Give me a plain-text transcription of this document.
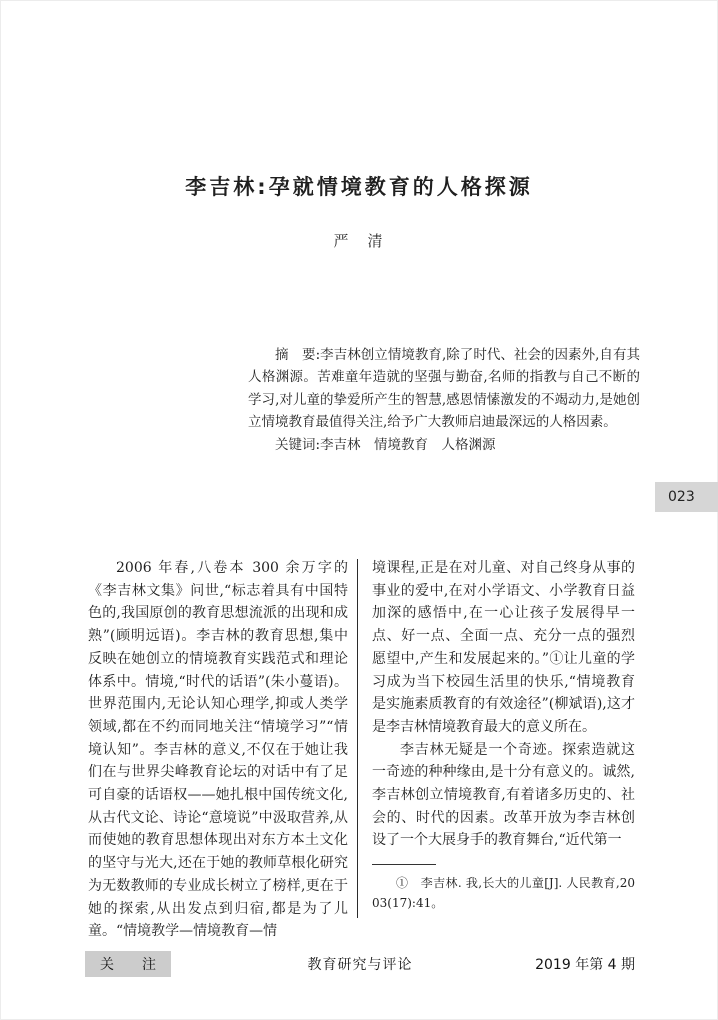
李吉林:孕就情境教育的人格探源
严　清

摘　要:李吉林创立情境教育,除了时代、社会的因素外,自有其人格渊源。苦难童年造就的坚强与勤奋,名师的指教与自己不断的学习,对儿童的挚爱所产生的智慧,感恩情愫激发的不竭动力,是她创立情境教育最值得关注,给予广大教师启迪最深远的人格因素。

关键词:李吉林　情境教育　人格渊源

023

2006 年春,八卷本 300 余万字的《李吉林文集》问世,“标志着具有中国特色的,我国原创的教育思想流派的出现和成熟”(顾明远语)。李吉林的教育思想,集中反映在她创立的情境教育实践范式和理论体系中。情境,“时代的话语”(朱小蔓语)。世界范围内,无论认知心理学,抑或人类学领域,都在不约而同地关注“情境学习”“情境认知”。李吉林的意义,不仅在于她让我们在与世界尖峰教育论坛的对话中有了足可自豪的话语权——她扎根中国传统文化,从古代文论、诗论“意境说”中汲取营养,从而使她的教育思想体现出对东方本土文化的坚守与光大,还在于她的教师草根化研究为无数教师的专业成长树立了榜样,更在于她的探索,从出发点到归宿,都是为了儿童。“情境教学—情境教育—情

境课程,正是在对儿童、对自己终身从事的事业的爱中,在对小学语文、小学教育日益加深的感悟中,在一心让孩子发展得早一点、好一点、全面一点、充分一点的强烈愿望中,产生和发展起来的。”①让儿童的学习成为当下校园生活里的快乐,“情境教育是实施素质教育的有效途径”(柳斌语),这才是李吉林情境教育最大的意义所在。

李吉林无疑是一个奇迹。探索造就这一奇迹的种种缘由,是十分有意义的。诚然,李吉林创立情境教育,有着诸多历史的、社会的、时代的因素。改革开放为李吉林创设了一个大展身手的教育舞台,“近代第一

①　李吉林. 我,长大的儿童[J]. 人民教育,2003(17):41。

关　　注	教育研究与评论	2019 年第 4 期
